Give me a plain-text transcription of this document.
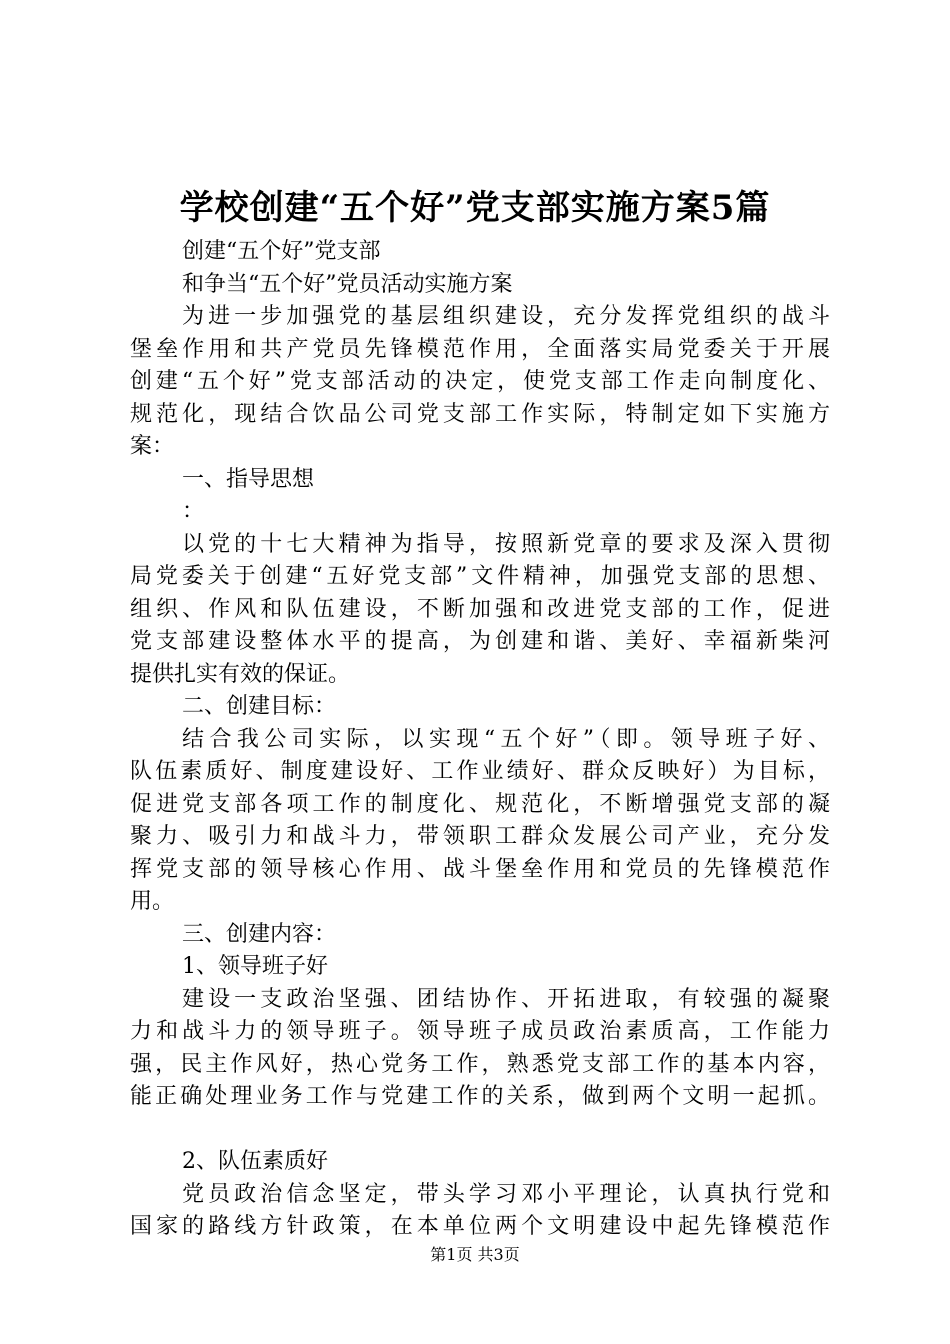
学校创建“五个好”党支部实施方案5篇

创建“五个好”党支部

和争当“五个好”党员活动实施方案

为进一步加强党的基层组织建设，充分发挥党组织的战斗

堡垒作用和共产党员先锋模范作用，全面落实局党委关于开展

创建“五个好”党支部活动的决定，使党支部工作走向制度化、

规范化，现结合饮品公司党支部工作实际，特制定如下实施方

案：

一、指导思想

：

以党的十七大精神为指导，按照新党章的要求及深入贯彻

局党委关于创建“五好党支部”文件精神，加强党支部的思想、

组织、作风和队伍建设，不断加强和改进党支部的工作，促进

党支部建设整体水平的提高，为创建和谐、美好、幸福新柴河

提供扎实有效的保证。

二、创建目标：

结合我公司实际，以实现“五个好”（即。领导班子好、

队伍素质好、制度建设好、工作业绩好、群众反映好）为目标，

促进党支部各项工作的制度化、规范化，不断增强党支部的凝

聚力、吸引力和战斗力，带领职工群众发展公司产业，充分发

挥党支部的领导核心作用、战斗堡垒作用和党员的先锋模范作

用。

三、创建内容：

1、领导班子好

建设一支政治坚强、团结协作、开拓进取，有较强的凝聚

力和战斗力的领导班子。领导班子成员政治素质高，工作能力

强，民主作风好，热心党务工作，熟悉党支部工作的基本内容，

能正确处理业务工作与党建工作的关系，做到两个文明一起抓。

2、队伍素质好

党员政治信念坚定，带头学习邓小平理论，认真执行党和

国家的路线方针政策，在本单位两个文明建设中起先锋模范作

第1页 共3页
